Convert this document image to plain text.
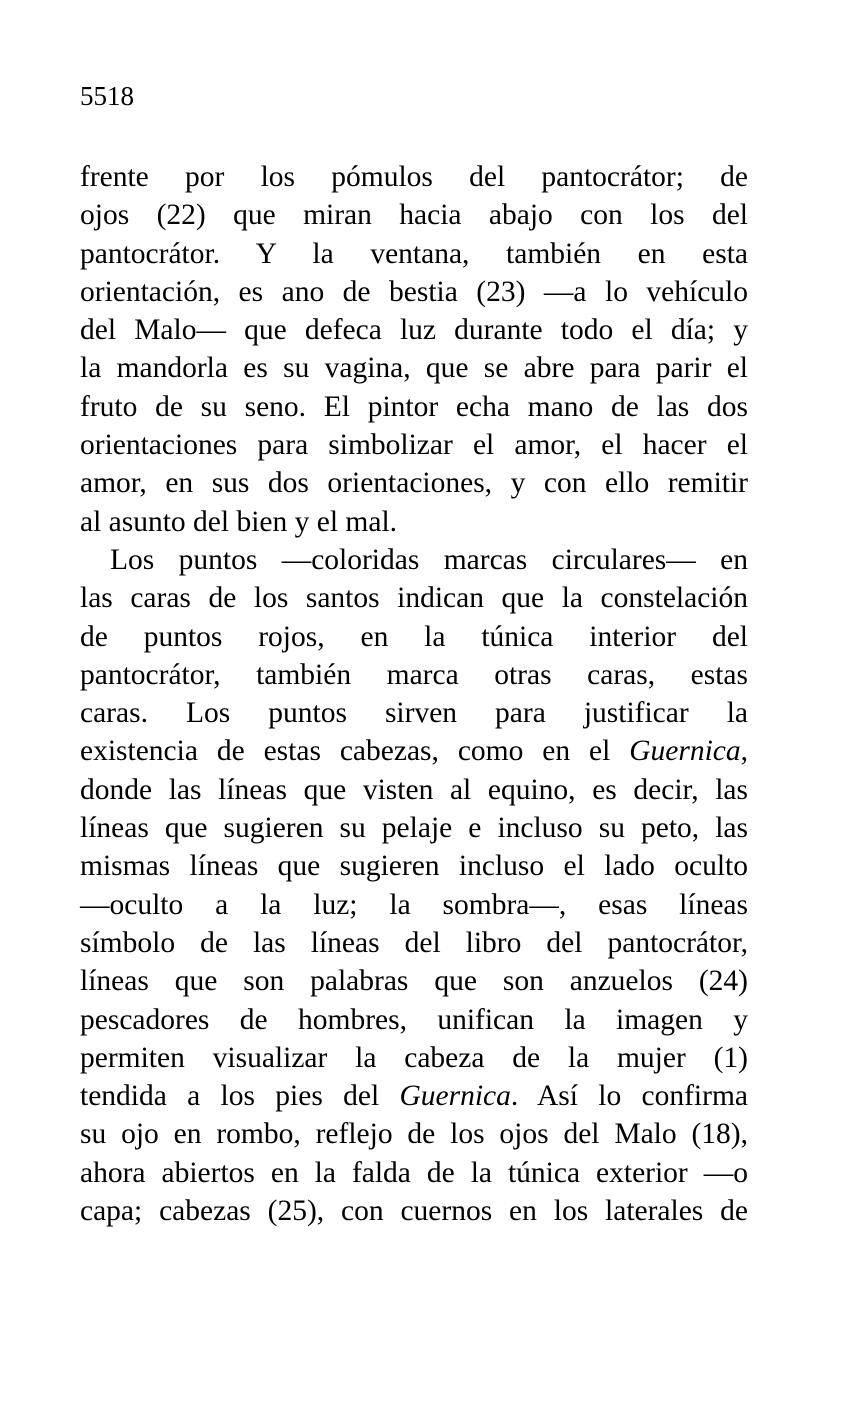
5518
frente por los pómulos del pantocrátor; de
ojos (22) que miran hacia abajo con los del
pantocrátor. Y la ventana, también en esta
orientación, es ano de bestia (23) —a lo vehículo
del Malo— que defeca luz durante todo el día; y
la mandorla es su vagina, que se abre para parir el
fruto de su seno. El pintor echa mano de las dos
orientaciones para simbolizar el amor, el hacer el
amor, en sus dos orientaciones, y con ello remitir
al asunto del bien y el mal.
Los puntos —coloridas marcas circulares— en
las caras de los santos indican que la constelación
de puntos rojos, en la túnica interior del
pantocrátor, también marca otras caras, estas
caras. Los puntos sirven para justificar la
existencia de estas cabezas, como en el Guernica,
donde las líneas que visten al equino, es decir, las
líneas que sugieren su pelaje e incluso su peto, las
mismas líneas que sugieren incluso el lado oculto
—oculto a la luz; la sombra—, esas líneas
símbolo de las líneas del libro del pantocrátor,
líneas que son palabras que son anzuelos (24)
pescadores de hombres, unifican la imagen y
permiten visualizar la cabeza de la mujer (1)
tendida a los pies del Guernica. Así lo confirma
su ojo en rombo, reflejo de los ojos del Malo (18),
ahora abiertos en la falda de la túnica exterior —o
capa; cabezas (25), con cuernos en los laterales de
